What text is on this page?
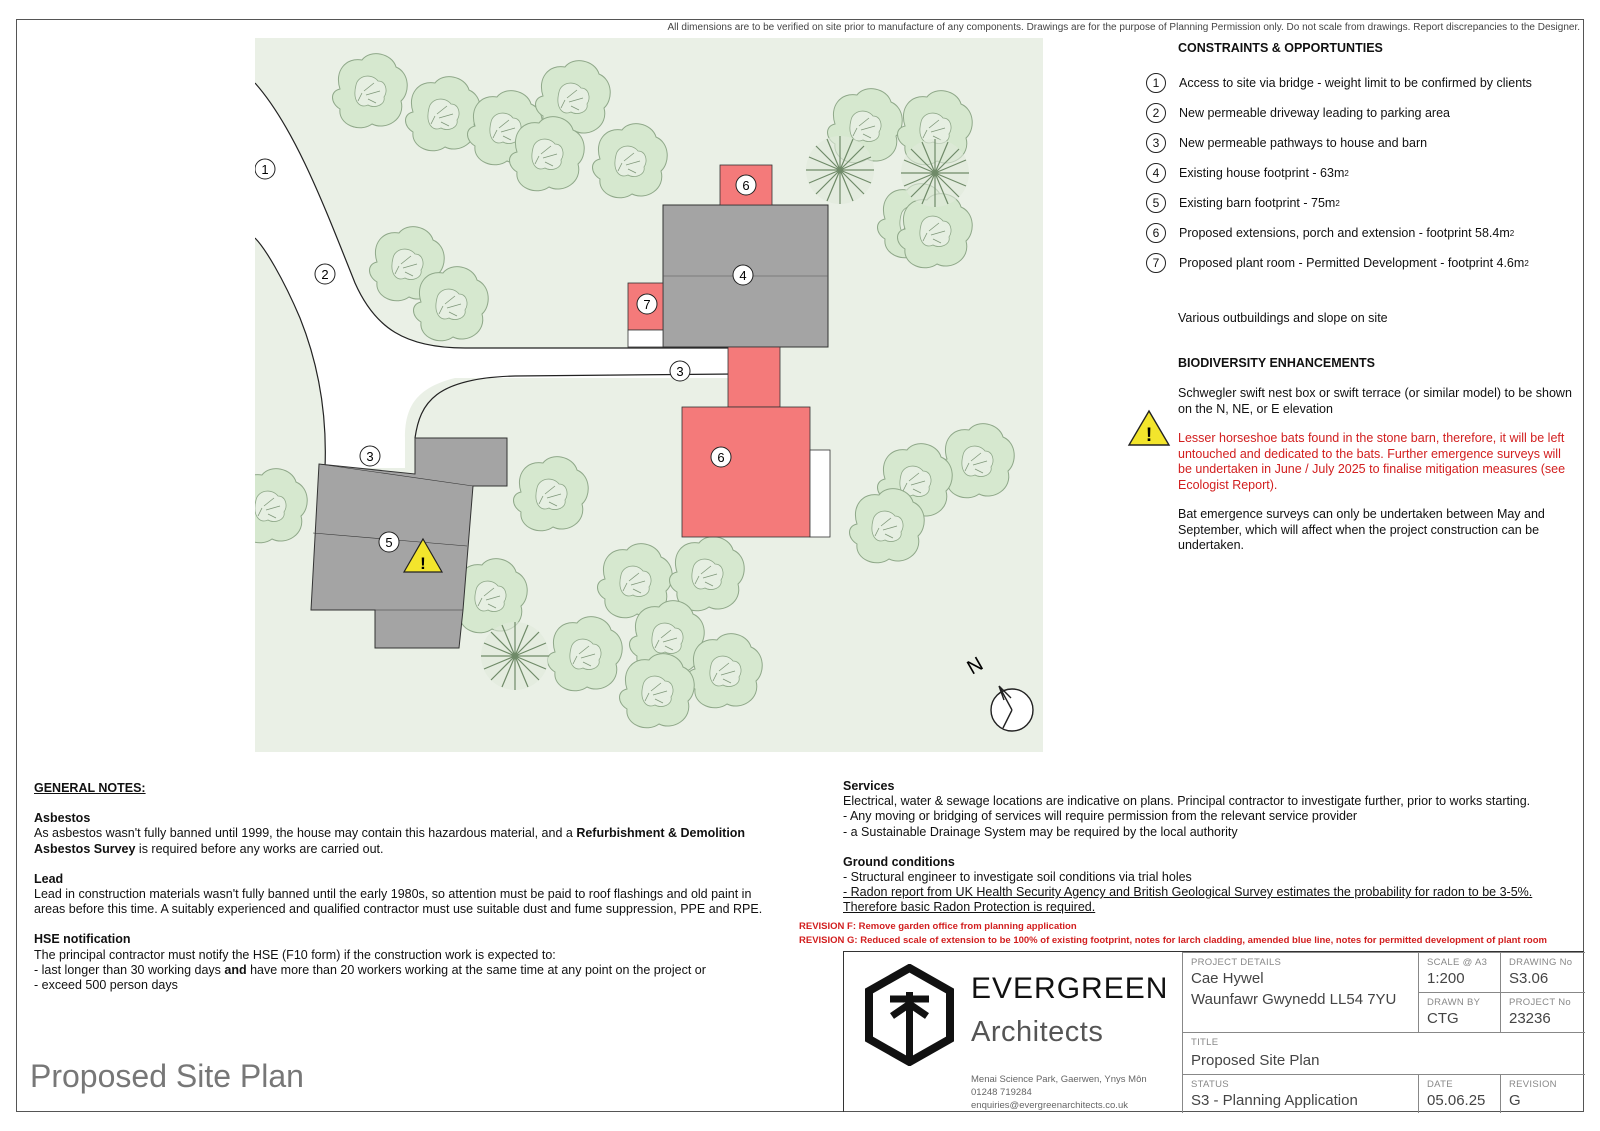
All dimensions are to be verified on site prior to manufacture of any components. Drawings are for the purpose of Planning Permission only. Do not scale from drawings. Report discrepancies to the Designer.
1
2
3
3
4
5
6
6
7
!
N
CONSTRAINTS & OPPORTUNTIES
1	Access to site via bridge - weight limit to be confirmed by clients
2	New permeable driveway leading to parking area
3	New permeable pathways to house and barn
4	Existing house footprint - 63m 2
5	Existing barn footprint - 75m 2
6	Proposed extensions, porch and extension - footprint 58.4m 2
7	Proposed plant room - Permitted Development - footprint 4.6m 2
Various outbuildings and slope on site
BIODIVERSITY ENHANCEMENTS
Schwegler swift nest box or swift terrace (or similar model) to be shown on the N, NE, or E elevation
! Lesser horseshoe bats found in the stone barn, therefore, it will be left untouched and dedicated to the bats. Further emergence surveys will be undertaken in June / July 2025 to finalise mitigation measures (see Ecologist Report).
Bat emergence surveys can only be undertaken between May and September, which will affect when the project construction can be undertaken.

GENERAL NOTES:

Asbestos

As asbestos wasn't fully banned until 1999, the house may contain this hazardous material, and a Refurbishment & Demolition Asbestos Survey is required before any works are carried out.

Lead

Lead in construction materials wasn't fully banned until the early 1980s, so attention must be paid to roof flashings and old paint in areas before this time. A suitably experienced and qualified contractor must use suitable dust and fume suppression, PPE and RPE.

HSE notification

The principal contractor must notify the HSE (F10 form) if the construction work is expected to:

- last longer than 30 working days and have more than 20 workers working at the same time at any point on the project or

- exceed 500 person days

Services

Electrical, water & sewage locations are indicative on plans. Principal contractor to investigate further, prior to works starting.

- Any moving or bridging of services will require permission from the relevant service provider

- a Sustainable Drainage System may be required by the local authority

Ground conditions

- Structural engineer to investigate soil conditions via trial holes

- Radon report from UK Health Security Agency and British Geological Survey estimates the probability for radon to be 3-5%. Therefore basic Radon Protection is required.

REVISION F: Remove garden office from planning application
REVISION G: Reduced scale of extension to be 100% of existing footprint, notes for larch cladding, amended blue line, notes for permitted development of plant room
Proposed Site Plan
EVERGREEN
Architects
Menai Science Park, Gaerwen, Ynys Môn
01248 719284
enquiries@evergreenarchitects.co.uk
PROJECT DETAILS
Cae Hywel
Waunfawr Gwynedd LL54 7YU
SCALE @ A3
1:200
DRAWING No
S3.06
DRAWN BY
CTG
PROJECT No
23236
TITLE
Proposed Site Plan
STATUS
S3 - Planning Application
DATE
05.06.25
REVISION
G
